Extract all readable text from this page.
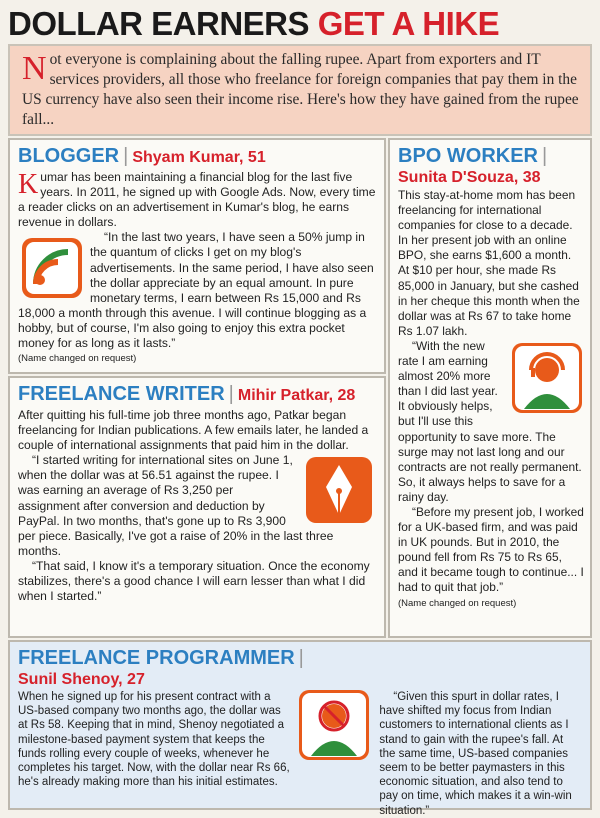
DOLLAR EARNERS GET A HIKE

Not everyone is complaining about the falling rupee. Apart from exporters and IT services providers, all those who freelance for foreign companies that pay them in the US currency have also seen their income rise. Here's how they have gained from the rupee fall...

BLOGGER | Shyam Kumar, 51

Kumar has been maintaining a financial blog for the last five years. In 2011, he signed up with Google Ads. Now, every time a reader clicks on an advertisement in Kumar's blog, he earns revenue in dollars.

“In the last two years, I have seen a 50% jump in the quantum of clicks I get on my blog's advertisements. In the same period, I have also seen the dollar appreciate by an equal amount. In pure monetary terms, I earn between Rs 15,000 and Rs 18,000 a month through this avenue. I will continue blogging as a hobby, but of course, I'm also going to enjoy this extra pocket money for as long as it lasts.”

(Name changed on request)

BPO WORKER |
Sunita D'Souza, 38

This stay-at-home mom has been freelancing for international companies for close to a decade. In her present job with an online BPO, she earns $1,600 a month.

At $10 per hour, she made Rs 85,000 in January, but she cashed in her cheque this month when the dollar was at Rs 67 to take home Rs 1.07 lakh.

“With the new rate I am earning almost 20% more than I did last year. It obviously helps, but I'll use this opportunity to save more. The surge may not last long and our contracts are not really permanent. So, it always helps to save for a rainy day.

“Before my present job, I worked for a UK-based firm, and was paid in UK pounds. But in 2010, the pound fell from Rs 75 to Rs 65, and it became tough to continue... I had to quit that job.”

(Name changed on request)

FREELANCE WRITER | Mihir Patkar, 28

After quitting his full-time job three months ago, Patkar began freelancing for Indian publications. A few emails later, he landed a couple of international assignments that paid him in the dollar.

“I started writing for international sites on June 1, when the dollar was at 56.51 against the rupee. I was earning an average of Rs 3,250 per assignment after conversion and deduction by PayPal. In two months, that's gone up to Rs 3,900 per piece. Basically, I've got a raise of 20% in the last three months.

“That said, I know it's a temporary situation. Once the economy stabilizes, there's a good chance I will earn lesser than what I did when I started.”

FREELANCE PROGRAMMER |
Sunil Shenoy, 27

When he signed up for his present contract with a US-based company two months ago, the dollar was at Rs 58. Keeping that in mind, Shenoy negotiated a milestone-based payment system that keeps the funds rolling every couple of weeks, whenever he completes his target. Now, with the dollar near Rs 66, he's already making more than his initial estimates.

“Given this spurt in dollar rates, I have shifted my focus from Indian customers to international clients as I stand to gain with the rupee's fall. At the same time, US-based companies seem to be better paymasters in this economic situation, and also tend to pay on time, which makes it a win-win situation.”
